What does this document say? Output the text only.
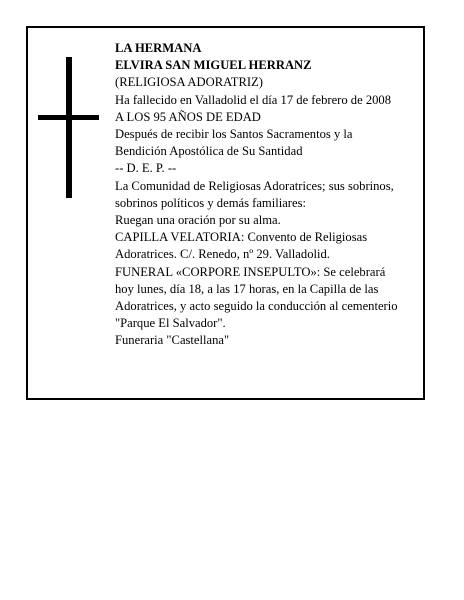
LA HERMANA
ELVIRA SAN MIGUEL HERRANZ
(RELIGIOSA ADORATRIZ)
Ha fallecido en Valladolid el día 17 de febrero de 2008
A LOS 95 AÑOS DE EDAD
Después de recibir los Santos Sacramentos y la
Bendición Apostólica de Su Santidad
-- D. E. P. --
La Comunidad de Religiosas Adoratrices; sus sobrinos,
sobrinos políticos y demás familiares:
Ruegan una oración por su alma.
CAPILLA VELATORIA: Convento de Religiosas
Adoratrices. C/. Renedo, nº 29. Valladolid.
FUNERAL «CORPORE INSEPULTO»: Se celebrará
hoy lunes, día 18, a las 17 horas, en la Capilla de las
Adoratrices, y acto seguido la conducción al cementerio
"Parque El Salvador".
Funeraria "Castellana"
